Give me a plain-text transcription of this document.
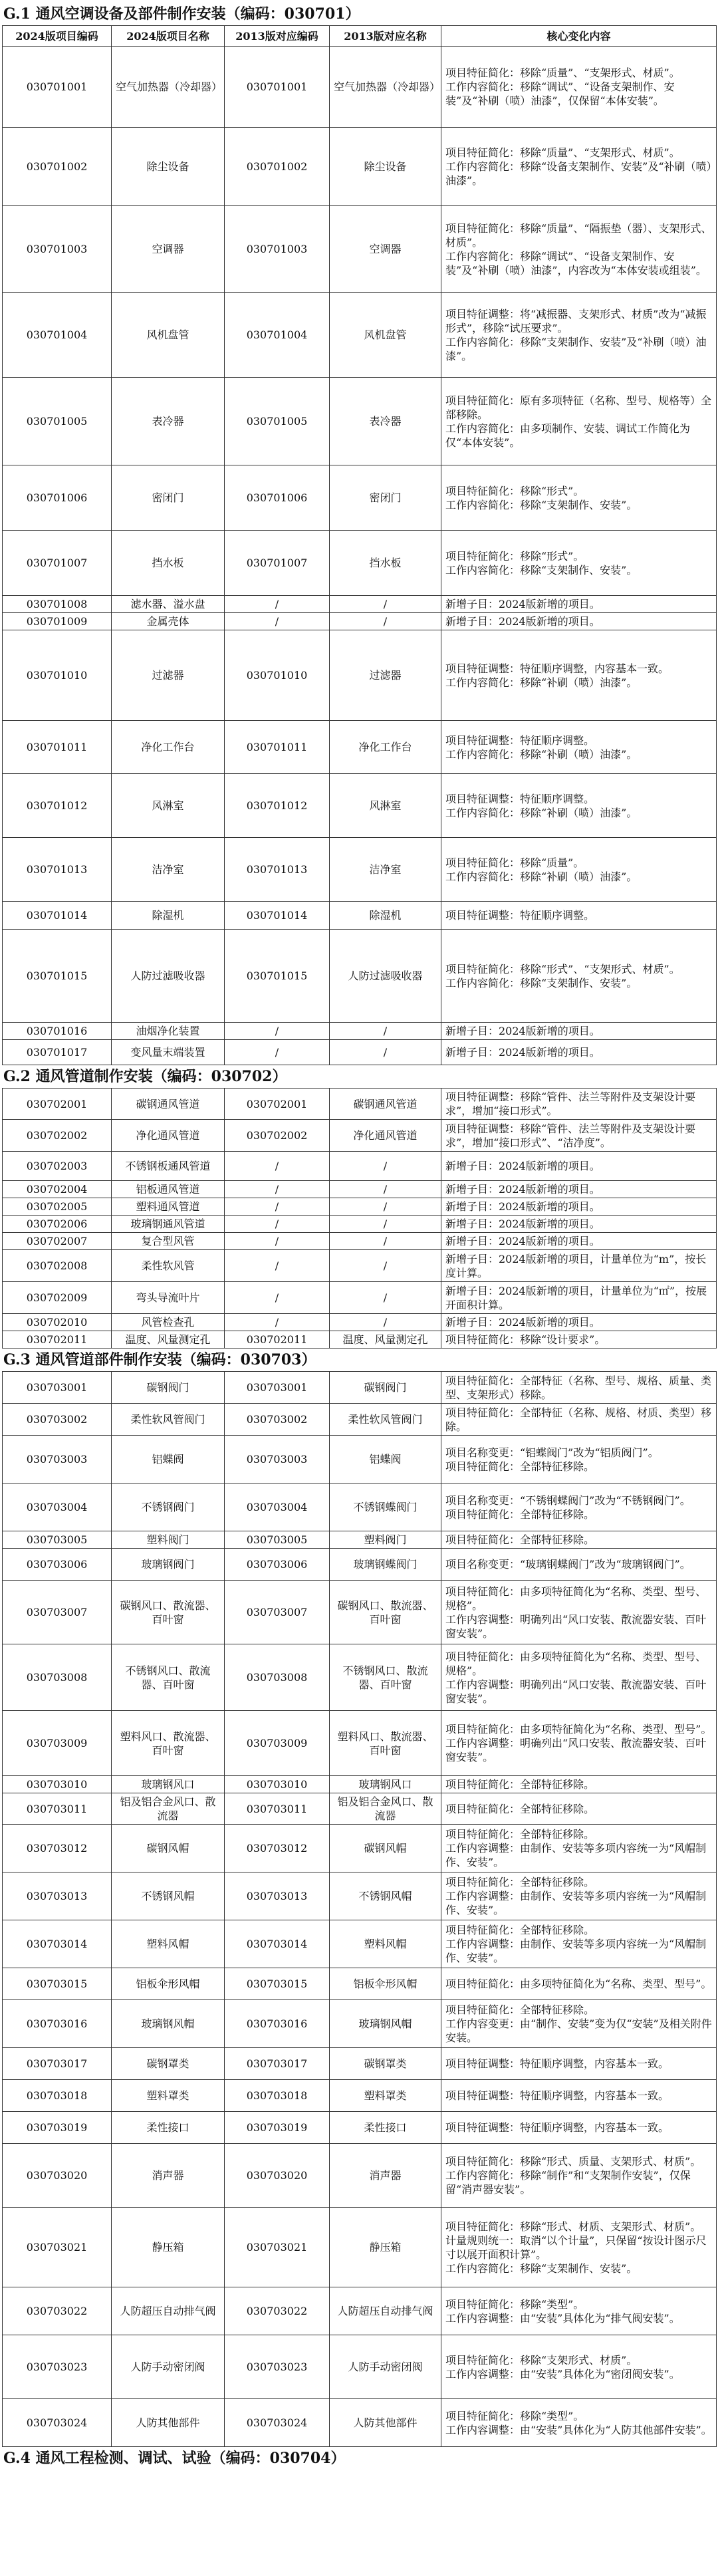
G.1 通风空调设备及部件制作安装（编码：030701）
2024版项目编码	2024版项目名称	2013版对应编码	2013版对应名称	核心变化内容
030701001	空气加热器（冷却器）	030701001	空气加热器（冷却器）	项目特征简化：移除“质量”、“支架形式、材质”。
工作内容简化：移除“调试”、“设备支架制作、安装”及“补刷（喷）油漆”，仅保留“本体安装”。

030701002	除尘设备	030701002	除尘设备	项目特征简化：移除“质量”、“支架形式、材质”。
工作内容简化：移除“设备支架制作、安装”及“补刷（喷）油漆”。

030701003	空调器	030701003	空调器	项目特征简化：移除“质量”、“隔振垫（器）、支架形式、材质”。
工作内容简化：移除“调试”、“设备支架制作、安装”及“补刷（喷）油漆”，内容改为“本体安装或组装”。

030701004	风机盘管	030701004	风机盘管	项目特征调整：将“减振器、支架形式、材质”改为“减振形式”，移除“试压要求”。
工作内容简化：移除“支架制作、安装”及“补刷（喷）油漆”。

030701005	表冷器	030701005	表冷器	项目特征简化：原有多项特征（名称、型号、规格等）全部移除。
工作内容简化：由多项制作、安装、调试工作简化为仅“本体安装”。

030701006	密闭门	030701006	密闭门	项目特征简化：移除“形式”。
工作内容简化：移除“支架制作、安装”。

030701007	挡水板	030701007	挡水板	项目特征简化：移除“形式”。
工作内容简化：移除“支架制作、安装”。

030701008	滤水器、溢水盘	/	/	新增子目：2024版新增的项目。

030701009	金属壳体	/	/	新增子目：2024版新增的项目。

030701010	过滤器	030701010	过滤器	项目特征调整：特征顺序调整，内容基本一致。
工作内容简化：移除“补刷（喷）油漆”。

030701011	净化工作台	030701011	净化工作台	项目特征调整：特征顺序调整。
工作内容简化：移除“补刷（喷）油漆”。

030701012	风淋室	030701012	风淋室	项目特征调整：特征顺序调整。
工作内容简化：移除“补刷（喷）油漆”。

030701013	洁净室	030701013	洁净室	项目特征简化：移除“质量”。
工作内容简化：移除“补刷（喷）油漆”。

030701014	除湿机	030701014	除湿机	项目特征调整：特征顺序调整。

030701015	人防过滤吸收器	030701015	人防过滤吸收器	项目特征简化：移除“形式”、“支架形式、材质”。
工作内容简化：移除“支架制作、安装”。

030701016	油烟净化装置	/	/	新增子目：2024版新增的项目。

030701017	变风量末端装置	/	/	新增子目：2024版新增的项目。
G.2 通风管道制作安装（编码：030702）
030702001	碳钢通风管道	030702001	碳钢通风管道	项目特征调整：移除“管件、法兰等附件及支架设计要求”，增加“接口形式”。

030702002	净化通风管道	030702002	净化通风管道	项目特征调整：移除“管件、法兰等附件及支架设计要求”，增加“接口形式”、“洁净度”。

030702003	不锈钢板通风管道	/	/	新增子目：2024版新增的项目。

030702004	铝板通风管道	/	/	新增子目：2024版新增的项目。

030702005	塑料通风管道	/	/	新增子目：2024版新增的项目。

030702006	玻璃钢通风管道	/	/	新增子目：2024版新增的项目。

030702007	复合型风管	/	/	新增子目：2024版新增的项目。

030702008	柔性软风管	/	/	新增子目：2024版新增的项目，计量单位为“m”，按长度计算。

030702009	弯头导流叶片	/	/	新增子目：2024版新增的项目，计量单位为“㎡”，按展开面积计算。

030702010	风管检查孔	/	/	新增子目：2024版新增的项目。

030702011	温度、风量测定孔	030702011	温度、风量测定孔	项目特征简化：移除“设计要求”。
G.3 通风管道部件制作安装（编码：030703）
030703001	碳钢阀门	030703001	碳钢阀门	项目特征简化：全部特征（名称、型号、规格、质量、类型、支架形式）移除。

030703002	柔性软风管阀门	030703002	柔性软风管阀门	项目特征简化：全部特征（名称、规格、材质、类型）移除。

030703003	铝蝶阀	030703003	铝蝶阀	项目名称变更：“铝蝶阀门”改为“铝质阀门”。
项目特征简化：全部特征移除。

030703004	不锈钢阀门	030703004	不锈钢蝶阀门	项目名称变更：“不锈钢蝶阀门”改为“不锈钢阀门”。
项目特征简化：全部特征移除。

030703005	塑料阀门	030703005	塑料阀门	项目特征简化：全部特征移除。

030703006	玻璃钢阀门	030703006	玻璃钢蝶阀门	项目名称变更：“玻璃钢蝶阀门”改为“玻璃钢阀门”。

030703007	碳钢风口、散流器、百叶窗	030703007	碳钢风口、散流器、百叶窗	项目特征简化：由多项特征简化为“名称、类型、型号、规格”。
工作内容调整：明确列出“风口安装、散流器安装、百叶窗安装”。

030703008	不锈钢风口、散流器、百叶窗	030703008	不锈钢风口、散流器、百叶窗	项目特征简化：由多项特征简化为“名称、类型、型号、规格”。
工作内容调整：明确列出“风口安装、散流器安装、百叶窗安装”。

030703009	塑料风口、散流器、百叶窗	030703009	塑料风口、散流器、百叶窗	项目特征简化：由多项特征简化为“名称、类型、型号”。
工作内容调整：明确列出“风口安装、散流器安装、百叶窗安装”。

030703010	玻璃钢风口	030703010	玻璃钢风口	项目特征简化：全部特征移除。

030703011	铝及铝合金风口、散流器	030703011	铝及铝合金风口、散流器	项目特征简化：全部特征移除。

030703012	碳钢风帽	030703012	碳钢风帽	项目特征简化：全部特征移除。
工作内容调整：由制作、安装等多项内容统一为“风帽制作、安装”。

030703013	不锈钢风帽	030703013	不锈钢风帽	项目特征简化：全部特征移除。
工作内容调整：由制作、安装等多项内容统一为“风帽制作、安装”。

030703014	塑料风帽	030703014	塑料风帽	项目特征简化：全部特征移除。
工作内容调整：由制作、安装等多项内容统一为“风帽制作、安装”。

030703015	铝板伞形风帽	030703015	铝板伞形风帽	项目特征简化：由多项特征简化为“名称、类型、型号”。

030703016	玻璃钢风帽	030703016	玻璃钢风帽	项目特征简化：全部特征移除。
工作内容变更：由“制作、安装”变为仅“安装”及相关附件安装。

030703017	碳钢罩类	030703017	碳钢罩类	项目特征调整：特征顺序调整，内容基本一致。

030703018	塑料罩类	030703018	塑料罩类	项目特征调整：特征顺序调整，内容基本一致。

030703019	柔性接口	030703019	柔性接口	项目特征调整：特征顺序调整，内容基本一致。

030703020	消声器	030703020	消声器	项目特征简化：移除“形式、质量、支架形式、材质”。
工作内容简化：移除“制作”和“支架制作安装”，仅保留“消声器安装”。

030703021	静压箱	030703021	静压箱	项目特征简化：移除“形式、材质、支架形式、材质”。
计量规则统一：取消“以个计量”，只保留“按设计图示尺寸以展开面积计算”。
工作内容简化：移除“支架制作、安装”。

030703022	人防超压自动排气阀	030703022	人防超压自动排气阀	项目特征简化：移除“类型”。
工作内容调整：由“安装”具体化为“排气阀安装”。

030703023	人防手动密闭阀	030703023	人防手动密闭阀	项目特征简化：移除“支架形式、材质”。
工作内容调整：由“安装”具体化为“密闭阀安装”。

030703024	人防其他部件	030703024	人防其他部件	项目特征简化：移除“类型”。
工作内容调整：由“安装”具体化为“人防其他部件安装”。
G.4 通风工程检测、调试、试验（编码：030704）
